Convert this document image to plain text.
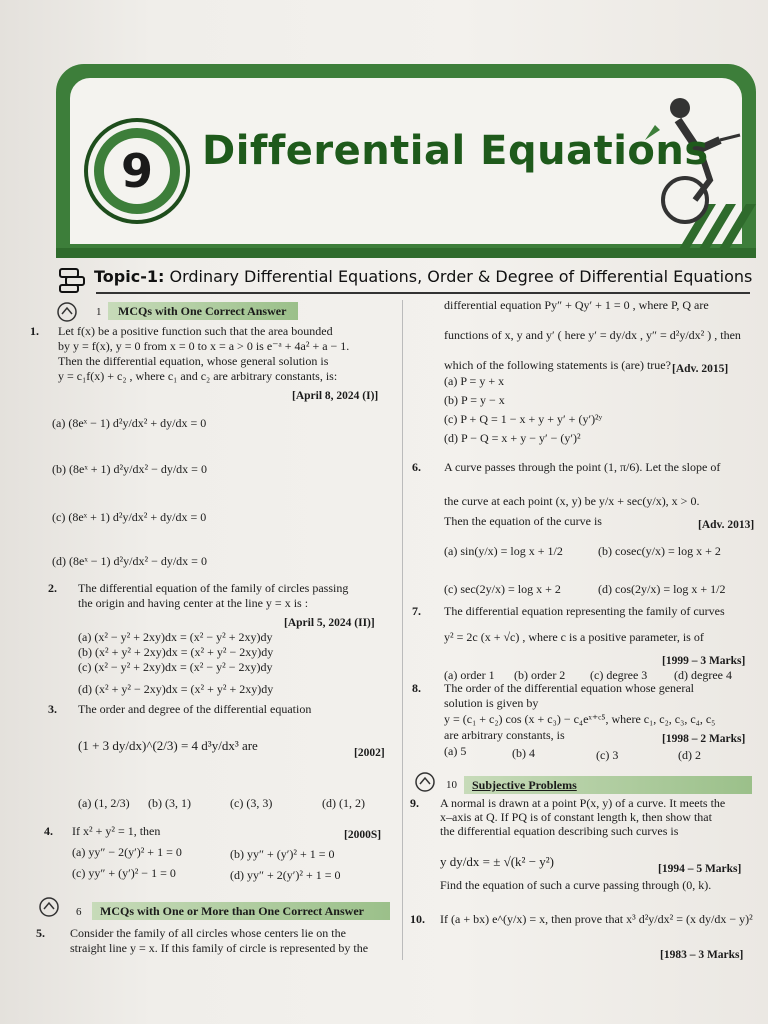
9	Differential Equations
Topic-1: Ordinary Differential Equations, Order & Degree of Differential Equations
1 MCQs with One Correct Answer
1. Let f(x) be a positive function such that the area bounded
by y = f(x), y = 0 from x = 0 to x = a > 0 is e⁻ᵃ + 4a² + a − 1.
Then the differential equation, whose general solution is
y = c₁f(x) + c₂ , where c₁ and c₂ are arbitrary constants, is:
[April 8, 2024 (I)]
(a) (8eˣ − 1) d²y/dx² + dy/dx = 0
(b) (8eˣ + 1) d²y/dx² − dy/dx = 0
(c) (8eˣ + 1) d²y/dx² + dy/dx = 0
(d) (8eˣ − 1) d²y/dx² − dy/dx = 0
2. The differential equation of the family of circles passing
the origin and having center at the line y = x is :
[April 5, 2024 (II)]
(a) (x² − y² + 2xy)dx = (x² − y² + 2xy)dy
(b) (x² + y² + 2xy)dx = (x² + y² − 2xy)dy
(c) (x² − y² + 2xy)dx = (x² − y² − 2xy)dy
(d) (x² + y² − 2xy)dx = (x² + y² + 2xy)dy
3. The order and degree of the differential equation
(1 + 3 dy/dx)^(2/3) = 4 d³y/dx³ are	[2002]
(a) (1, 2/3) (b) (3, 1)	(c) (3, 3)	(d) (1, 2)
4. If x² + y² = 1, then	[2000S]
(a) yy″ − 2(y′)² + 1 = 0	(b) yy″ + (y′)² + 1 = 0
(c) yy″ + (y′)² − 1 = 0	(d) yy″ + 2(y′)² + 1 = 0
6 MCQs with One or More than One Correct Answer
5. Consider the family of all circles whose centers lie on the
straight line y = x. If this family of circle is represented by the
differential equation Py″ + Qy′ + 1 = 0 , where P, Q are
functions of x, y and y′ ( here y′ = dy/dx , y″ = d²y/dx² ) , then
which of the following statements is (are) true? [Adv. 2015]
(a) P = y + x
(b) P = y − x
(c) P + Q = 1 − x + y + y′ + (y′)²ʸ
(d) P − Q = x + y − y′ − (y′)²
6. A curve passes through the point (1, π/6). Let the slope of
the curve at each point (x, y) be y/x + sec(y/x), x > 0.
Then the equation of the curve is	[Adv. 2013]
(a) sin(y/x) = log x + 1/2	(b) cosec(y/x) = log x + 2
(c) sec(2y/x) = log x + 2	(d) cos(2y/x) = log x + 1/2
7. The differential equation representing the family of curves
y² = 2c (x + √c) , where c is a positive parameter, is of
[1999 – 3 Marks]
(a) order 1 (b) order 2 (c) degree 3 (d) degree 4
8. The order of the differential equation whose general
solution is given by
y = (c₁ + c₂) cos (x + c₃) − c₄eˣ⁺ᶜ⁵, where c₁, c₂, c₃, c₄, c₅
are arbitrary constants, is	[1998 – 2 Marks]
(a) 5	(b) 4	(c) 3	(d) 2
10 Subjective Problems
9. A normal is drawn at a point P(x, y) of a curve. It meets the
x–axis at Q. If PQ is of constant length k, then show that
the differential equation describing such curves is
y dy/dx = ± √(k² − y²)	[1994 – 5 Marks]
Find the equation of such a curve passing through (0, k).
10. If (a + bx) e^(y/x) = x, then prove that x³ d²y/dx² = (x dy/dx − y)²
[1983 – 3 Marks]
